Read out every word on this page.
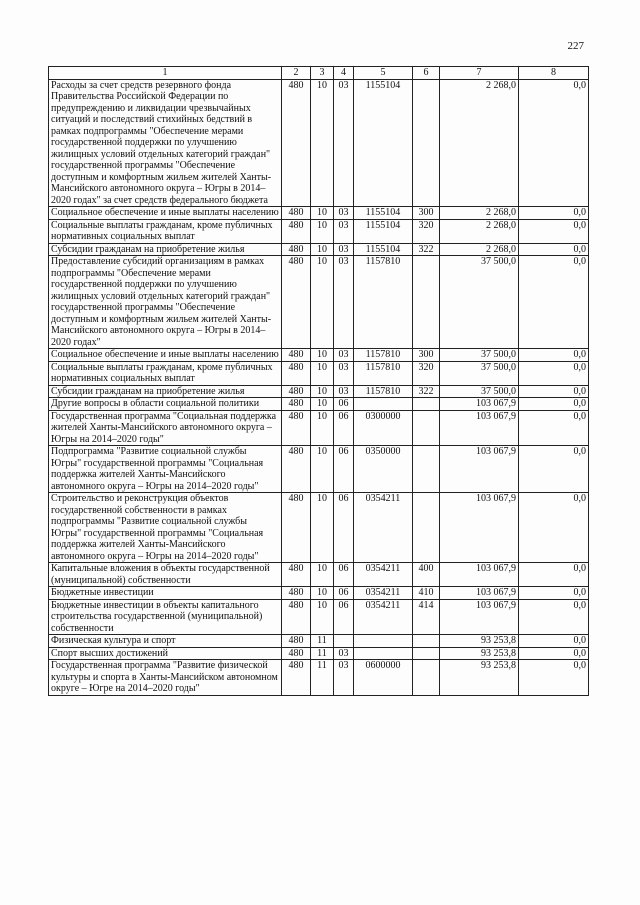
227
1	2	3	4	5	6	7	8
Расходы за счет средств резервного фонда Правительства Российской Федерации по предупреждению и ликвидации чрезвычайных ситуаций и последствий стихийных бедствий в рамках подпрограммы "Обеспечение мерами государственной поддержки по улучшению жилищных условий отдельных категорий граждан" государственной программы "Обеспечение доступным и комфортным жильем жителей Ханты-Мансийского автономного округа – Югры в 2014–2020 годах" за счет средств федерального бюджета	480	10	03	1155104		2 268,0	0,0
Социальное обеспечение и иные выплаты населению	480	10	03	1155104	300	2 268,0	0,0
Социальные выплаты гражданам, кроме публичных нормативных социальных выплат	480	10	03	1155104	320	2 268,0	0,0
Субсидии гражданам на приобретение жилья	480	10	03	1155104	322	2 268,0	0,0
Предоставление субсидий организациям в рамках подпрограммы "Обеспечение мерами государственной поддержки по улучшению жилищных условий отдельных категорий граждан" государственной программы "Обеспечение доступным и комфортным жильем жителей Ханты-Мансийского автономного округа – Югры в 2014–2020 годах"	480	10	03	1157810		37 500,0	0,0
Социальное обеспечение и иные выплаты населению	480	10	03	1157810	300	37 500,0	0,0
Социальные выплаты гражданам, кроме публичных нормативных социальных выплат	480	10	03	1157810	320	37 500,0	0,0
Субсидии гражданам на приобретение жилья	480	10	03	1157810	322	37 500,0	0,0
Другие вопросы в области социальной политики	480	10	06			103 067,9	0,0
Государственная программа "Социальная поддержка жителей Ханты-Мансийского автономного округа – Югры на 2014–2020 годы"	480	10	06	0300000		103 067,9	0,0
Подпрограмма "Развитие социальной службы Югры" государственной программы "Социальная поддержка жителей Ханты-Мансийского автономного округа – Югры на 2014–2020 годы"	480	10	06	0350000		103 067,9	0,0
Строительство и реконструкция объектов государственной собственности в рамках подпрограммы "Развитие социальной службы Югры" государственной программы "Социальная поддержка жителей Ханты-Мансийского автономного округа – Югры на 2014–2020 годы"	480	10	06	0354211		103 067,9	0,0
Капитальные вложения в объекты государственной (муниципальной) собственности	480	10	06	0354211	400	103 067,9	0,0
Бюджетные инвестиции	480	10	06	0354211	410	103 067,9	0,0
Бюджетные инвестиции в объекты капитального строительства государственной (муниципальной) собственности	480	10	06	0354211	414	103 067,9	0,0
Физическая культура и спорт	480	11				93 253,8	0,0
Спорт высших достижений	480	11	03			93 253,8	0,0
Государственная программа "Развитие физической культуры и спорта в Ханты-Мансийском автономном округе – Югре на 2014–2020 годы"	480	11	03	0600000		93 253,8	0,0
